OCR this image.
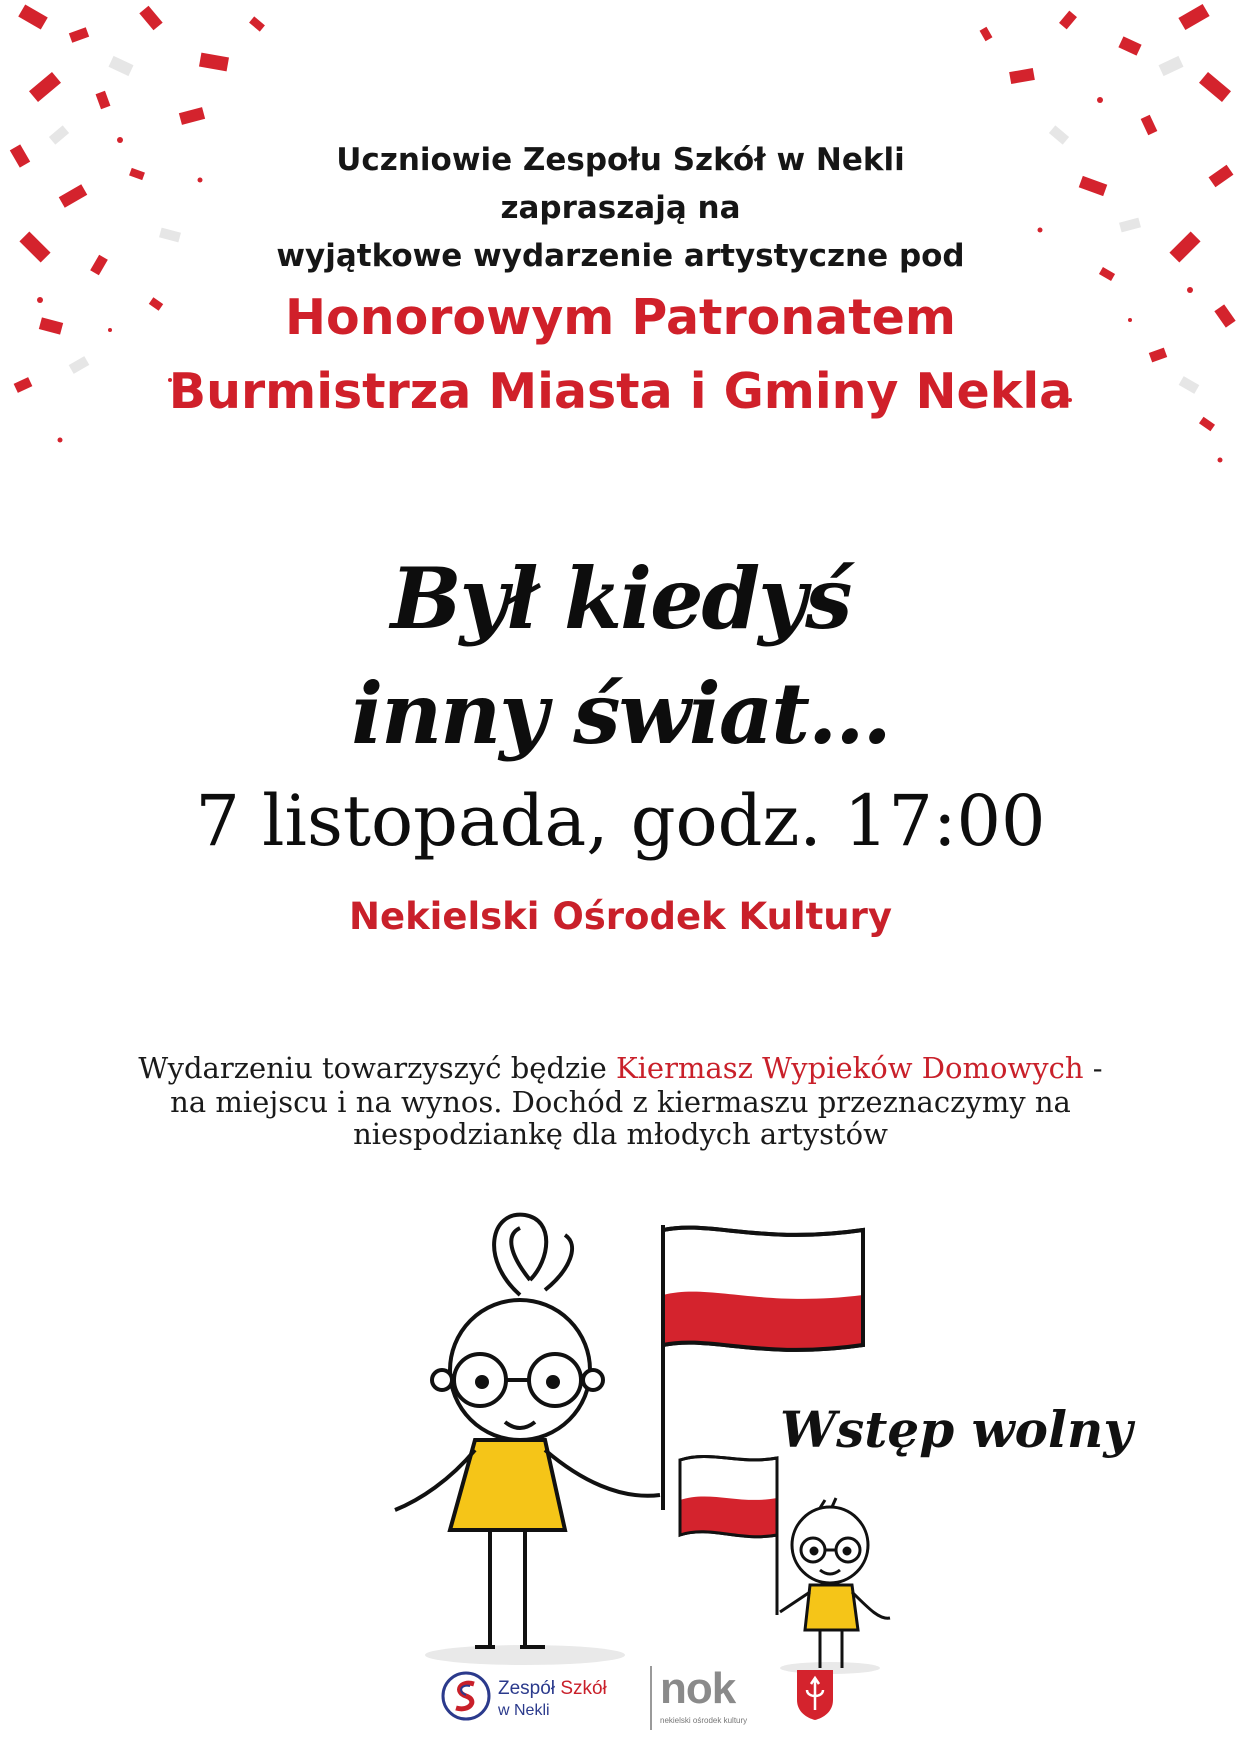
Uczniowie Zespołu Szkół w Nekli
zapraszają na
wyjątkowe wydarzenie artystyczne pod
Honorowym Patronatem
Burmistrza Miasta i Gminy Nekla
Był kiedyś
inny świat...
7 listopada, godz. 17:00
Nekielski Ośrodek Kultury
Wydarzeniu towarzyszyć będzie Kiermasz Wypieków Domowych -
na miejscu i na wynos. Dochód z kiermaszu przeznaczymy na
niespodziankę dla młodych artystów
Wstęp wolny
Zespół Szkół
w Nekli	nok
nekielski ośrodek kultury
